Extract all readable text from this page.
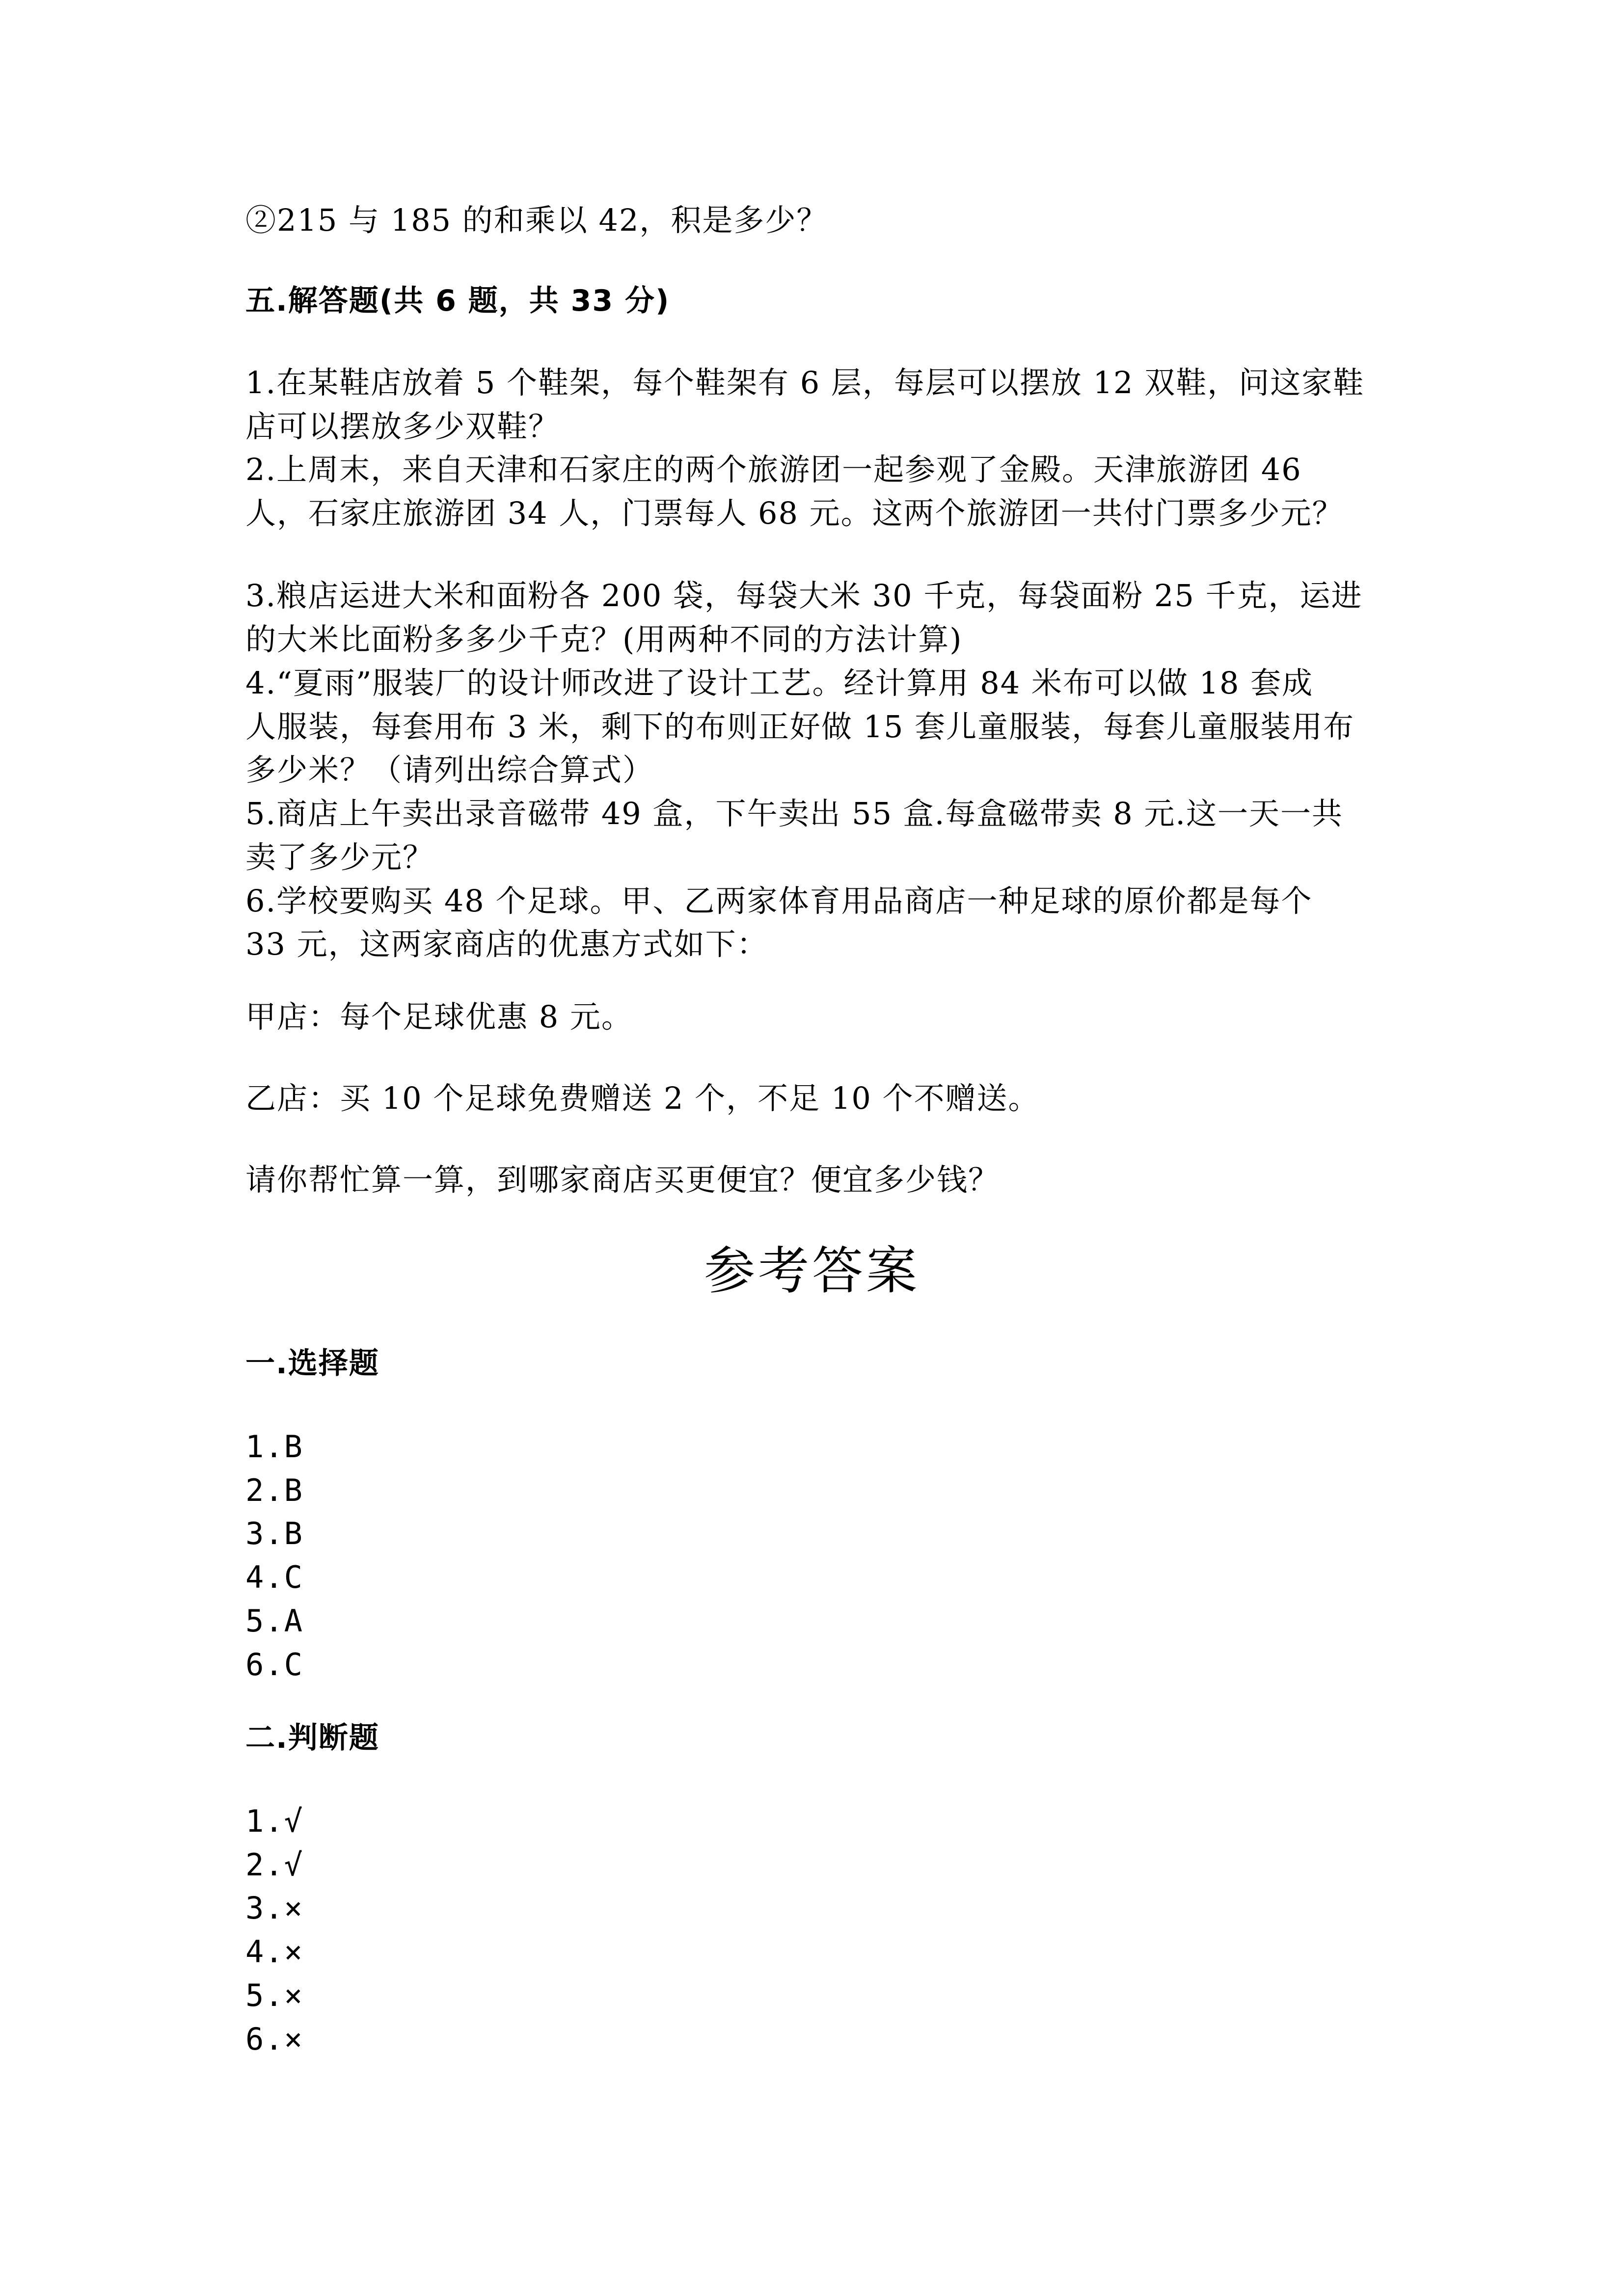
②215 与 185 的和乘以 42，积是多少？
五.解答题(共 6 题，共 33 分)
1.在某鞋店放着 5 个鞋架，每个鞋架有 6 层，每层可以摆放 12 双鞋，问这家鞋
店可以摆放多少双鞋？
2.上周末，来自天津和石家庄的两个旅游团一起参观了金殿。天津旅游团 46
人，石家庄旅游团 34 人，门票每人 68 元。这两个旅游团一共付门票多少元？
3.粮店运进大米和面粉各 200 袋，每袋大米 30 千克，每袋面粉 25 千克，运进
的大米比面粉多多少千克？(用两种不同的方法计算)
4.“夏雨”服装厂的设计师改进了设计工艺。经计算用 84 米布可以做 18 套成
人服装，每套用布 3 米，剩下的布则正好做 15 套儿童服装，每套儿童服装用布
多少米？（请列出综合算式）
5.商店上午卖出录音磁带 49 盒，下午卖出 55 盒.每盒磁带卖 8 元.这一天一共
卖了多少元？
6.学校要购买 48 个足球。甲、乙两家体育用品商店一种足球的原价都是每个
33 元，这两家商店的优惠方式如下：
甲店：每个足球优惠 8 元。
乙店：买 10 个足球免费赠送 2 个，不足 10 个不赠送。
请你帮忙算一算，到哪家商店买更便宜？便宜多少钱？
参考答案
一.选择题
1.B
2.B
3.B
4.C
5.A
6.C
二.判断题
1.√
2.√
3.×
4.×
5.×
6.×
